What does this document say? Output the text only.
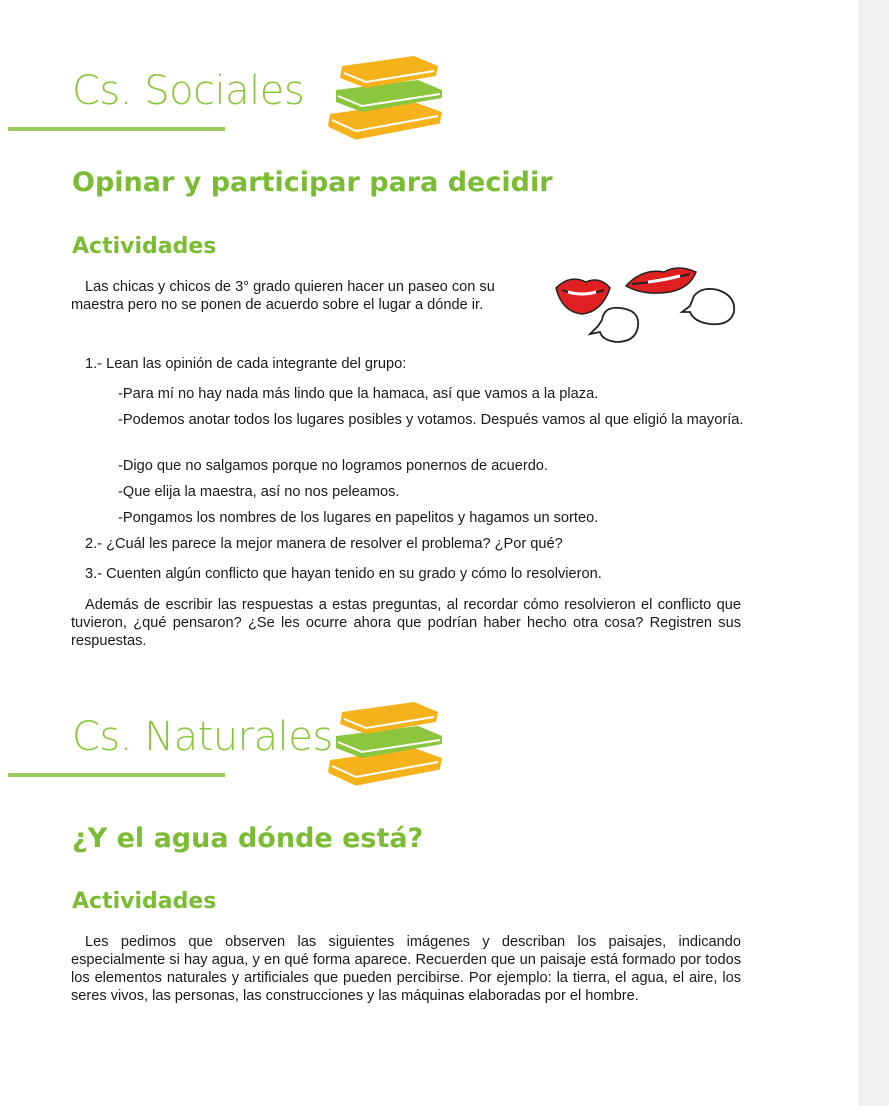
Cs. Sociales
Opinar y participar para decidir
Actividades

Las chicas y chicos de 3° grado quieren hacer un paseo con su maestra pero no se ponen de acuerdo sobre el lugar a dónde ir.

1.- Lean las opinión de cada integrante del grupo:

-Para mí no hay nada más lindo que la hamaca, así que vamos a la plaza.

-Podemos anotar todos los lugares posibles y votamos. Después vamos al que eligió la mayoría.

-Digo que no salgamos porque no logramos ponernos de acuerdo.

-Que elija la maestra, así no nos peleamos.

-Pongamos los nombres de los lugares en papelitos y hagamos un sorteo.

2.- ¿Cuál les parece la mejor manera de resolver el problema? ¿Por qué?

3.- Cuenten algún conflicto que hayan tenido en su grado y cómo lo resolvieron.

Además de escribir las respuestas a estas preguntas, al recordar cómo resolvieron el conflicto que tuvieron, ¿qué pensaron? ¿Se les ocurre ahora que podrían haber hecho otra cosa? Registren sus respuestas.

Cs. Naturales
¿Y el agua dónde está?
Actividades

Les pedimos que observen las siguientes imágenes y describan los paisajes, indicando especialmente si hay agua, y en qué forma aparece. Recuerden que un paisaje está formado por todos los elementos naturales y artificiales que pueden percibirse. Por ejemplo: la tierra, el agua, el aire, los seres vivos, las personas, las construcciones y las máquinas elaboradas por el hombre.
